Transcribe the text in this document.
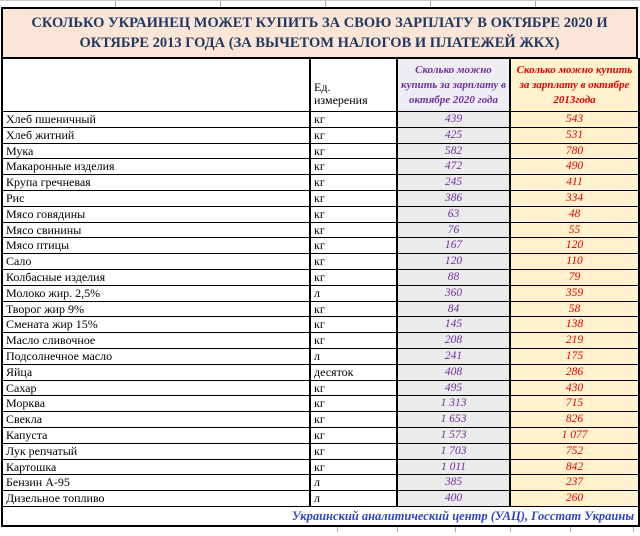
СКОЛЬКО УКРАИНЕЦ МОЖЕТ КУПИТЬ ЗА СВОЮ ЗАРПЛАТУ В ОКТЯБРЕ 2020 И ОКТЯБРЕ 2013 ГОДА (ЗА ВЫЧЕТОМ НАЛОГОВ И ПЛАТЕЖЕЙ ЖКХ)
	Ед. измерения	Сколько можно купить за зарплату в октябре 2020 года	Сколько можно купить за зарплату в октябре 2013года
Хлеб пшеничный	кг	439	543
Хлеб житний	кг	425	531
Мука	кг	582	780
Макаронные изделия	кг	472	490
Крупа гречневая	кг	245	411
Рис	кг	386	334
Мясо говядины	кг	63	48
Мясо свинины	кг	76	55
Мясо птицы	кг	167	120
Сало	кг	120	110
Колбасные изделия	кг	88	79
Молоко жир. 2,5%	л	360	359
Творог жир 9%	кг	84	58
Смената жир 15%	кг	145	138
Масло сливочное	кг	208	219
Подсолнечное масло	л	241	175
Яйца	десяток	408	286
Сахар	кг	495	430
Морква	кг	1 313	715
Свекла	кг	1 653	826
Капуста	кг	1 573	1 077
Лук репчатый	кг	1 703	752
Картошка	кг	1 011	842
Бензин А-95	л	385	237
Дизельное топливо	л	400	260
Украинский аналитический центр (УАЦ), Госстат Украины			
